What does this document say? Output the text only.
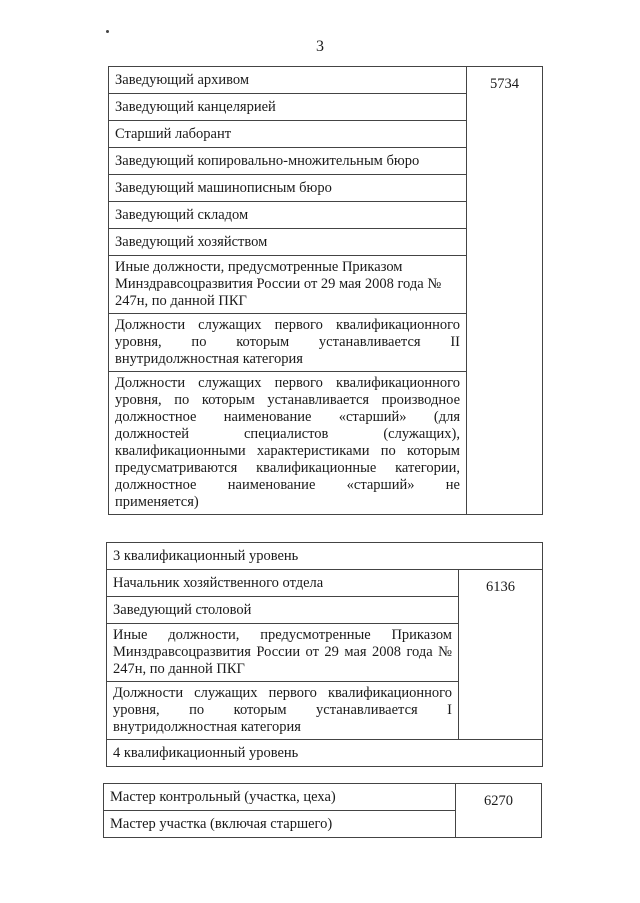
3
Заведующий архивом	5734
Заведующий канцелярией
Старший лаборант
Заведующий копировально-множительным бюро
Заведующий машинописным бюро
Заведующий складом
Заведующий хозяйством
Иные должности, предусмотренные Приказом Минздравсоцразвития России от 29 мая 2008 года № 247н, по данной ПКГ
Должности служащих первого квалификационного уровня, по которым устанавливается II внутридолжностная категория
Должности служащих первого квалификационного уровня, по которым устанавливается производное должностное наименование «старший» (для должностей специалистов (служащих), квалификационными характеристиками по которым предусматриваются квалификационные категории, должностное наименование «старший» не применяется)
3 квалификационный уровень
Начальник хозяйственного отдела	6136
Заведующий столовой
Иные должности, предусмотренные Приказом Минздравсоцразвития России от 29 мая 2008 года № 247н, по данной ПКГ
Должности служащих первого квалификационного уровня, по которым устанавливается I внутридолжностная категория
4 квалификационный уровень
Мастер контрольный (участка, цеха)	6270
Мастер участка (включая старшего)
